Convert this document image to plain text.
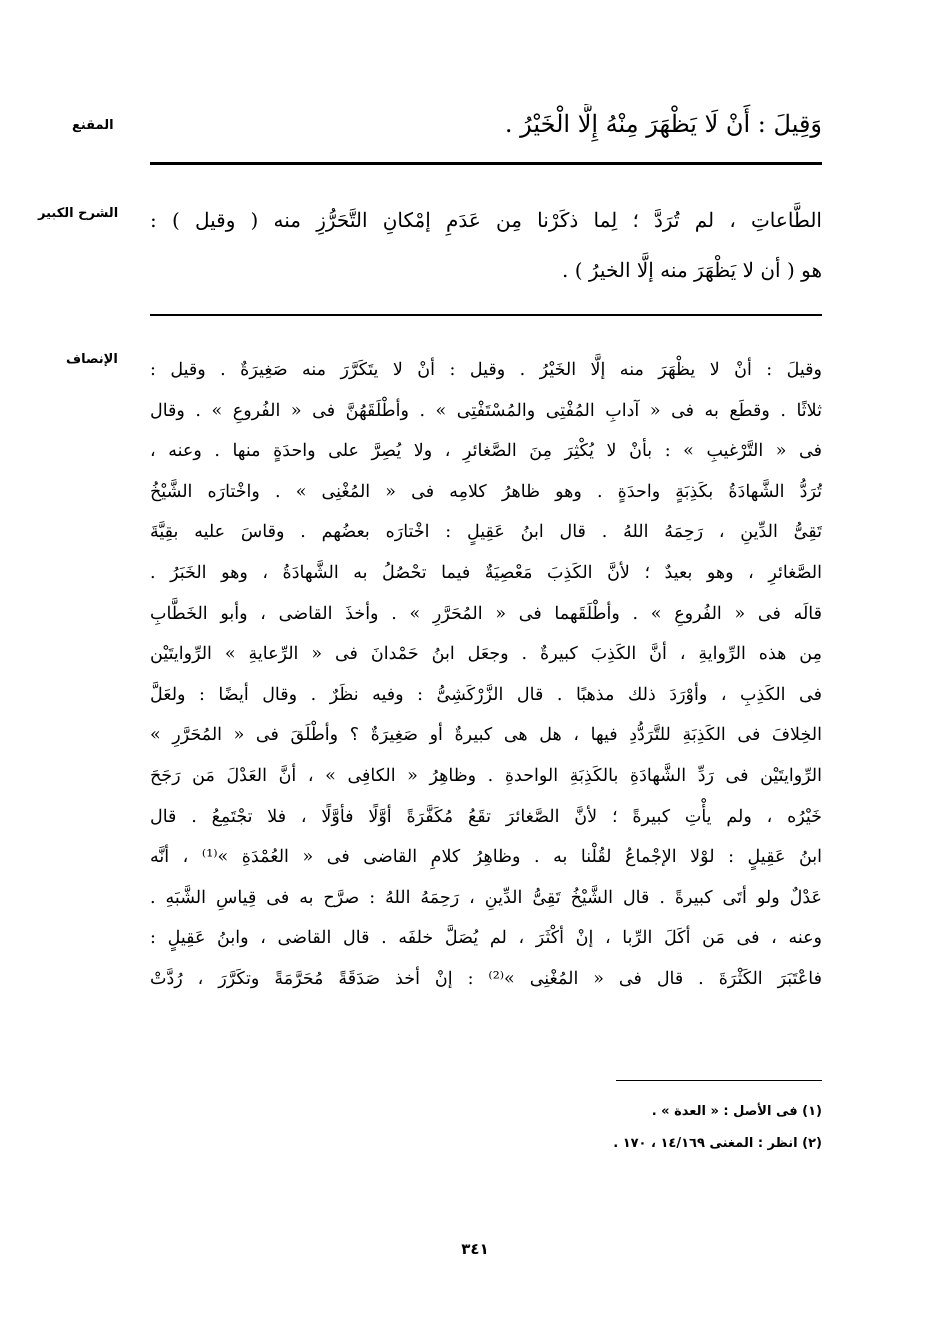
المقنع
الشرح الكبير
الإنصاف
وَقِيلَ : أَنْ لَا يَظْهَرَ مِنْهُ إِلَّا الْخَيْرُ .
الطَّاعاتِ ، لم تُرَدَّ ؛ لِما ذكَرْنا مِن عَدَمِ إمْكانِ التَّحَرُّزِ منه ( وقيل ) :
هو ( أن لا يَظْهَرَ منه إلَّا الخيرُ ) .
وقيلَ : أنْ لا يظْهَرَ منه إلَّا الخَيْرُ . وقيل : أنْ لا يتَكَرَّرَ منه صَغِيرَةٌ . وقيل :
ثلاثًا . وقطَع به فى « آدابِ المُفْتِى والمُسْتَفْتِى » . وأطْلَقَهُنَّ فى « الفُروعِ » . وقال
فى « التَّرْغيبِ » : بأنْ لا يُكْثِرَ مِنَ الصَّغائرِ ، ولا يُصِرَّ على واحدَةٍ منها . وعنه ،
تُرَدُّ الشَّهادَةُ بكَذِبَةٍ واحدَةٍ . وهو ظاهرُ كلامِه فى « المُغْنِى » . واخْتارَه الشَّيْخُ
تَقِىُّ الدِّينِ ، رَحِمَهُ اللهُ . قال ابنُ عَقِيلٍ : اخْتارَه بعضُهم . وقاسَ عليه بقِيَّةَ
الصَّغائرِ ، وهو بعيدٌ ؛ لأنَّ الكَذِبَ مَعْصِيَةٌ فيما تحْصُلُ به الشَّهادَةُ ، وهو الخَبَرُ .
قالَه فى « الفُروعِ » . وأطْلَقَهما فى « المُحَرَّرِ » . وأخذَ القاضى ، وأبو الخَطَّابِ
مِن هذه الرِّوايةِ ، أنَّ الكَذِبَ كبيرةٌ . وجعَل ابنُ حَمْدانَ فى « الرِّعايةِ » الرِّوايتَيْن
فى الكَذِبِ ، وأوْرَدَ ذلك مذهبًا . قال الزَّرْكَشِىُّ : وفيه نظَرٌ . وقال أيضًا : ولعَلَّ
الخِلافَ فى الكَذِبَةِ للتَّرَدُّدِ فيها ، هل هى كبيرةٌ أو صَغِيرَةٌ ؟ وأطْلَقَ فى « المُحَرَّرِ »
الرِّوايتَيْن فى رَدِّ الشَّهادَةِ بالكَذِبَةِ الواحدةِ . وظاهِرُ « الكافِى » ، أنَّ العَدْلَ مَن رَجَحَ
خَيْرُه ، ولم يأْتِ كبيرةً ؛ لأنَّ الصَّغائرَ تقَعُ مُكَفَّرَةً أوَّلًا فأوَّلًا ، فلا تجْتَمِعُ . قال
ابنُ عَقِيلٍ : لوْلا الإجْماعُ لقُلْنا به . وظاهِرُ كلامِ القاضى فى « العُمْدَةِ »⁽¹⁾ ، أنَّه
عَدْلٌ ولو أتَى كبيرةً . قال الشَّيْخُ تَقِىُّ الدِّينِ ، رَحِمَهُ اللهُ : صرَّح به فى قِياسِ الشَّبَهِ .
وعنه ، فى مَن أكَلَ الرِّبا ، إنْ أكْثَرَ ، لم يُصَلَّ خلفَه . قال القاضى ، وابنُ عَقِيلٍ :
فاعْتَبَرَ الكَثْرَةَ . قال فى « المُغْنِى »⁽²⁾ : إنْ أخذ صَدَقَةً مُحَرَّمَةً وتكَرَّرَ ، رُدَّتْ
(١) فى الأصل : « العدة » .
(٢) انظر : المغنى ١٤/١٦٩ ، ١٧٠ .
٣٤١
